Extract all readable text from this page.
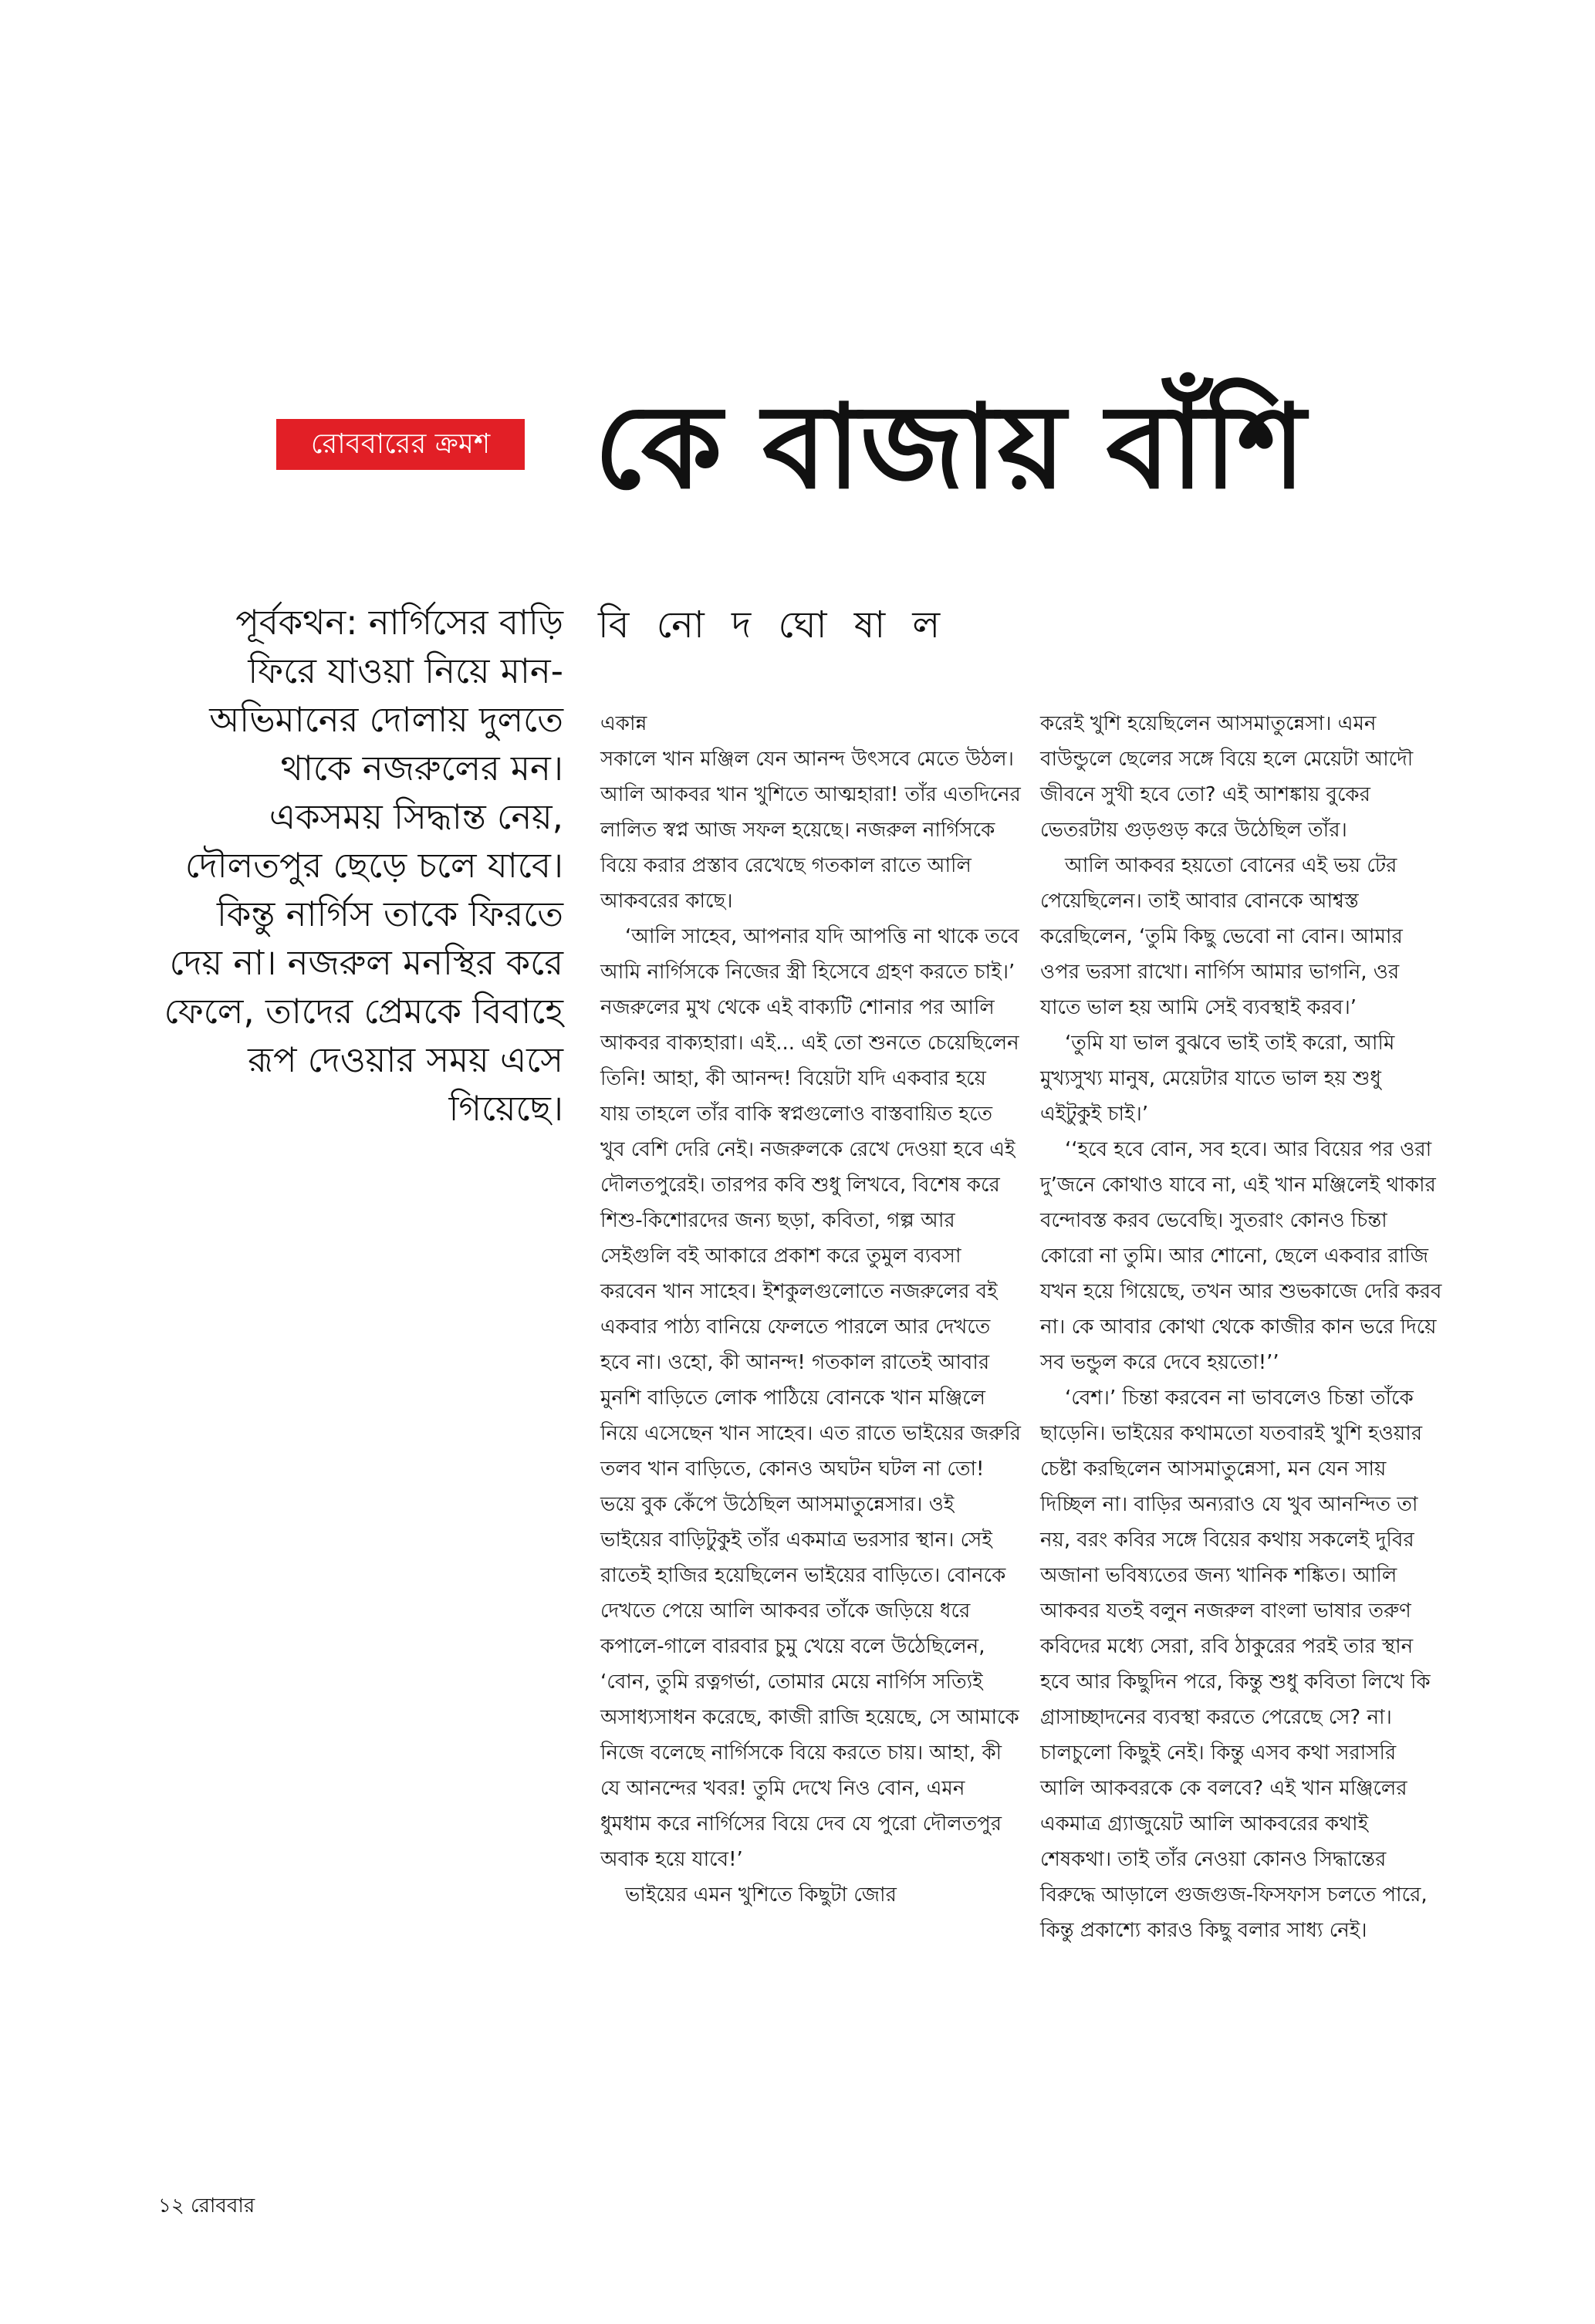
রোববারের ক্রমশ কে বাজায় বাঁশি

পূর্বকথন: নার্গিসের বাড়ি ফিরে যাওয়া নিয়ে মান-অভিমানের দোলায় দুলতে থাকে নজরুলের মন। একসময় সিদ্ধান্ত নেয়, দৌলতপুর ছেড়ে চলে যাবে। কিন্তু নার্গিস তাকে ফিরতে দেয় না। নজরুল মনস্থির করে ফেলে, তাদের প্রেমকে বিবাহে রূপ দেওয়ার সময় এসে গিয়েছে।

বি নো দ ঘো ষা ল

একান্ন

সকালে খান মঞ্জিল যেন আনন্দ উৎসবে মেতে উঠল। আলি আকবর খান খুশিতে আত্মহারা! তাঁর এতদিনের লালিত স্বপ্ন আজ সফল হয়েছে। নজরুল নার্গিসকে বিয়ে করার প্রস্তাব রেখেছে গতকাল রাতে আলি আকবরের কাছে।

‘আলি সাহেব, আপনার যদি আপত্তি না থাকে তবে আমি নার্গিসকে নিজের স্ত্রী হিসেবে গ্রহণ করতে চাই।’ নজরুলের মুখ থেকে এই বাক্যটি শোনার পর আলি আকবর বাক্যহারা। এই... এই তো শুনতে চেয়েছিলেন তিনি! আহা, কী আনন্দ! বিয়েটা যদি একবার হয়ে যায় তাহলে তাঁর বাকি স্বপ্নগুলোও বাস্তবায়িত হতে খুব বেশি দেরি নেই। নজরুলকে রেখে দেওয়া হবে এই দৌলতপুরেই। তারপর কবি শুধু লিখবে, বিশেষ করে শিশু-কিশোরদের জন্য ছড়া, কবিতা, গল্প আর সেইগুলি বই আকারে প্রকাশ করে তুমুল ব্যবসা করবেন খান সাহেব। ইশকুলগুলোতে নজরুলের বই একবার পাঠ্য বানিয়ে ফেলতে পারলে আর দেখতে হবে না। ওহো, কী আনন্দ! গতকাল রাতেই আবার মুনশি বাড়িতে লোক পাঠিয়ে বোনকে খান মঞ্জিলে নিয়ে এসেছেন খান সাহেব। এত রাতে ভাইয়ের জরুরি তলব খান বাড়িতে, কোনও অঘটন ঘটল না তো! ভয়ে বুক কেঁপে উঠেছিল আসমাতুন্নেসার। ওই ভাইয়ের বাড়িটুকুই তাঁর একমাত্র ভরসার স্থান। সেই রাতেই হাজির হয়েছিলেন ভাইয়ের বাড়িতে। বোনকে দেখতে পেয়ে আলি আকবর তাঁকে জড়িয়ে ধরে কপালে-গালে বারবার চুমু খেয়ে বলে উঠেছিলেন, ‘বোন, তুমি রত্নগর্ভা, তোমার মেয়ে নার্গিস সত্যিই অসাধ্যসাধন করেছে, কাজী রাজি হয়েছে, সে আমাকে নিজে বলেছে নার্গিসকে বিয়ে করতে চায়। আহা, কী যে আনন্দের খবর! তুমি দেখে নিও বোন, এমন ধুমধাম করে নার্গিসের বিয়ে দেব যে পুরো দৌলতপুর অবাক হয়ে যাবে!’

ভাইয়ের এমন খুশিতে কিছুটা জোর

করেই খুশি হয়েছিলেন আসমাতুন্নেসা। এমন বাউন্ডুলে ছেলের সঙ্গে বিয়ে হলে মেয়েটা আদৌ জীবনে সুখী হবে তো? এই আশঙ্কায় বুকের ভেতরটায় গুড়গুড় করে উঠেছিল তাঁর।

আলি আকবর হয়তো বোনের এই ভয় টের পেয়েছিলেন। তাই আবার বোনকে আশ্বস্ত করেছিলেন, ‘তুমি কিছু ভেবো না বোন। আমার ওপর ভরসা রাখো। নার্গিস আমার ভাগনি, ওর যাতে ভাল হয় আমি সেই ব্যবস্থাই করব।’

‘তুমি যা ভাল বুঝবে ভাই তাই করো, আমি মুখ্যসুখ্য মানুষ, মেয়েটার যাতে ভাল হয় শুধু এইটুকুই চাই।’

‘‘হবে হবে বোন, সব হবে। আর বিয়ের পর ওরা দু’জনে কোথাও যাবে না, এই খান মঞ্জিলেই থাকার বন্দোবস্ত করব ভেবেছি। সুতরাং কোনও চিন্তা কোরো না তুমি। আর শোনো, ছেলে একবার রাজি যখন হয়ে গিয়েছে, তখন আর শুভকাজে দেরি করব না। কে আবার কোথা থেকে কাজীর কান ভরে দিয়ে সব ভন্ডুল করে দেবে হয়তো!’’

‘বেশ।’ চিন্তা করবেন না ভাবলেও চিন্তা তাঁকে ছাড়েনি। ভাইয়ের কথামতো যতবারই খুশি হওয়ার চেষ্টা করছিলেন আসমাতুন্নেসা, মন যেন সায় দিচ্ছিল না। বাড়ির অন্যরাও যে খুব আনন্দিত তা নয়, বরং কবির সঙ্গে বিয়ের কথায় সকলেই দুবির অজানা ভবিষ্যতের জন্য খানিক শঙ্কিত। আলি আকবর যতই বলুন নজরুল বাংলা ভাষার তরুণ কবিদের মধ্যে সেরা, রবি ঠাকুরের পরই তার স্থান হবে আর কিছুদিন পরে, কিন্তু শুধু কবিতা লিখে কি গ্রাসাচ্ছাদনের ব্যবস্থা করতে পেরেছে সে? না। চালচুলো কিছুই নেই। কিন্তু এসব কথা সরাসরি আলি আকবরকে কে বলবে? এই খান মঞ্জিলের একমাত্র গ্র্যাজুয়েট আলি আকবরের কথাই শেষকথা। তাই তাঁর নেওয়া কোনও সিদ্ধান্তের বিরুদ্ধে আড়ালে গুজগুজ-ফিসফাস চলতে পারে, কিন্তু প্রকাশ্যে কারও কিছু বলার সাধ্য নেই।

১২ রোববার
